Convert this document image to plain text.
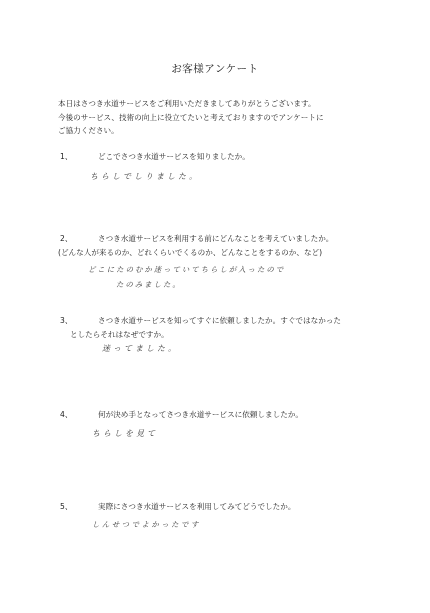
お客様アンケート
本日はさつき水道サービスをご利用いただきましてありがとうございます。
今後のサービス、技術の向上に役立てたいと考えておりますのでアンケートに
ご協力ください。
1、	どこでさつき水道サービスを知りましたか。
ちらしでしりました。
2、	さつき水道サービスを利用する前にどんなことを考えていましたか。
(どんな人が来るのか、どれくらいでくるのか、どんなことをするのか、など)
どこにたのむか迷っていてちらしが入ったので
たのみました。
3、	さつき水道サービスを知ってすぐに依頼しましたか。すぐではなかった
としたらそれはなぜですか。
迷ってました。
4、	何が決め手となってさつき水道サービスに依頼しましたか。
ちらしを見て
5、	実際にさつき水道サービスを利用してみてどうでしたか。
しんせつでよかったです
